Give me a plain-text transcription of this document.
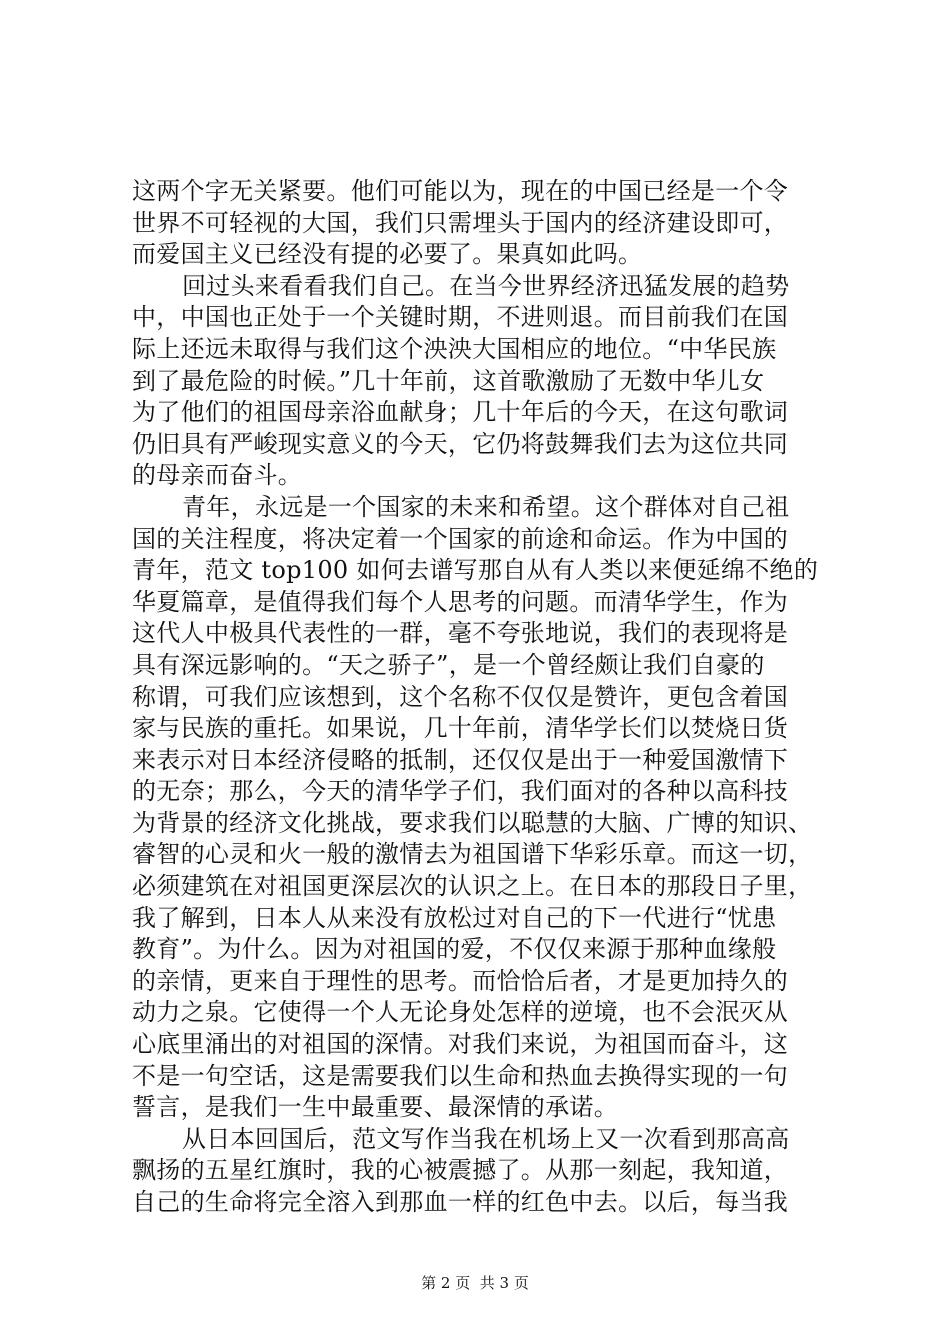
这两个字无关紧要。他们可能以为，现在的中国已经是一个令
世界不可轻视的大国，我们只需埋头于国内的经济建设即可，
而爱国主义已经没有提的必要了。果真如此吗。
回过头来看看我们自己。在当今世界经济迅猛发展的趋势
中，中国也正处于一个关键时期，不进则退。而目前我们在国
际上还远未取得与我们这个泱泱大国相应的地位。“中华民族
到了最危险的时候。”几十年前，这首歌激励了无数中华儿女
为了他们的祖国母亲浴血献身；几十年后的今天，在这句歌词
仍旧具有严峻现实意义的今天，它仍将鼓舞我们去为这位共同
的母亲而奋斗。
青年，永远是一个国家的未来和希望。这个群体对自己祖
国的关注程度，将决定着一个国家的前途和命运。作为中国的
青年，范文 top100 如何去谱写那自从有人类以来便延绵不绝的
华夏篇章，是值得我们每个人思考的问题。而清华学生，作为
这代人中极具代表性的一群，毫不夸张地说，我们的表现将是
具有深远影响的。“天之骄子”，是一个曾经颇让我们自豪的
称谓，可我们应该想到，这个名称不仅仅是赞许，更包含着国
家与民族的重托。如果说，几十年前，清华学长们以焚烧日货
来表示对日本经济侵略的抵制，还仅仅是出于一种爱国激情下
的无奈；那么，今天的清华学子们，我们面对的各种以高科技
为背景的经济文化挑战，要求我们以聪慧的大脑、广博的知识、
睿智的心灵和火一般的激情去为祖国谱下华彩乐章。而这一切，
必须建筑在对祖国更深层次的认识之上。在日本的那段日子里，
我了解到，日本人从来没有放松过对自己的下一代进行“忧患
教育”。为什么。因为对祖国的爱，不仅仅来源于那种血缘般
的亲情，更来自于理性的思考。而恰恰后者，才是更加持久的
动力之泉。它使得一个人无论身处怎样的逆境，也不会泯灭从
心底里涌出的对祖国的深情。对我们来说，为祖国而奋斗，这
不是一句空话，这是需要我们以生命和热血去换得实现的一句
誓言，是我们一生中最重要、最深情的承诺。
从日本回国后，范文写作当我在机场上又一次看到那高高
飘扬的五星红旗时，我的心被震撼了。从那一刻起，我知道，
自己的生命将完全溶入到那血一样的红色中去。以后，每当我
第 2 页  共 3 页
